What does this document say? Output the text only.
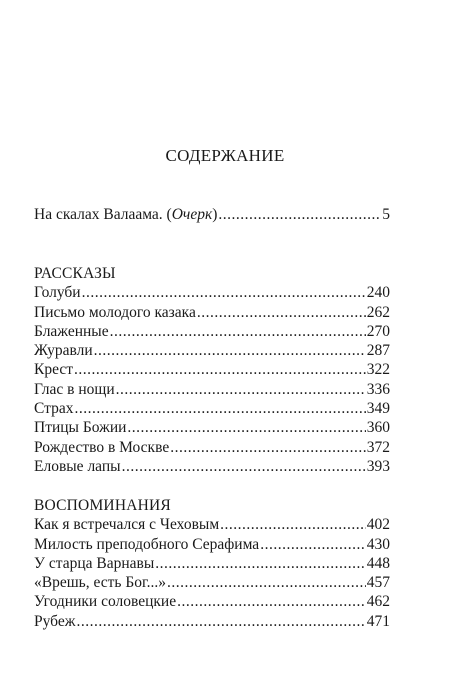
СОДЕРЖАНИЕ
На скалах Валаама. (Очерк) .....	5
РАССКАЗЫ
Голуби .....	240
Письмо молодого казака .....	262
Блаженные .....	270
Журавли .....	287
Крест .....	322
Глас в нощи .....	336
Страх .....	349
Птицы Божии .....	360
Рождество в Москве .....	372
Еловые лапы .....	393
ВОСПОМИНАНИЯ
Как я встречался с Чеховым .....	402
Милость преподобного Серафима .....	430
У старца Варнавы .....	448
«Врешь, есть Бог...» .....	457
Угодники соловецкие .....	462
Рубеж .....	471
